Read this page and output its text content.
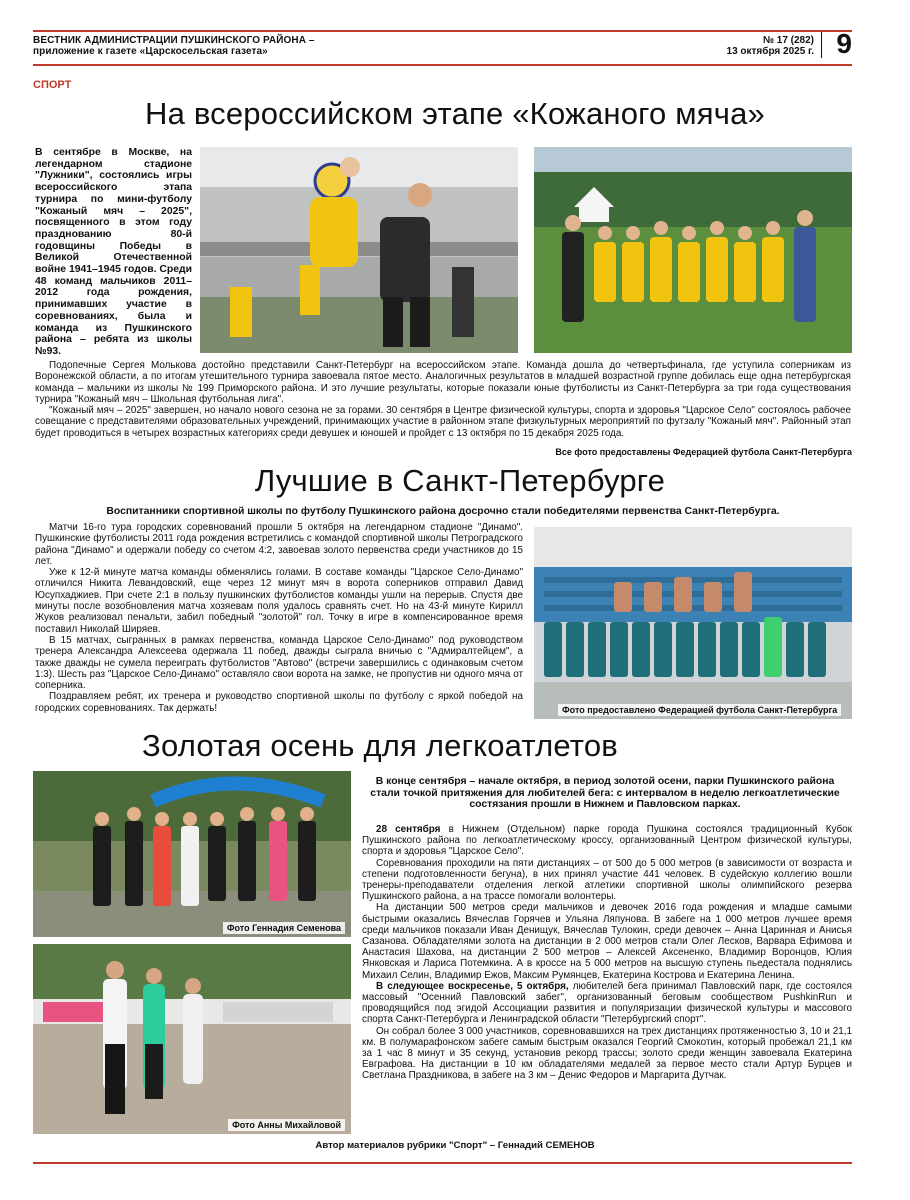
ВЕСТНИК АДМИНИСТРАЦИИ ПУШКИНСКОГО РАЙОНА –
приложение к газете «Царскосельская газета»
№ 17 (282)
13 октября 2025 г. 9
СПОРТ
На всероссийском этапе «Кожаного мяча»
В сентябре в Москве, на легендарном стадионе "Лужники", состоялись игры всероссийского этапа турнира по мини-футболу "Кожаный мяч – 2025", посвященного в этом году празднованию 80-й годовщины Победы в Великой Отечественной войне 1941–1945 годов. Среди 48 команд мальчиков 2011–2012 года рождения, принимавших участие в соревнованиях, была и команда из Пушкинского района – ребята из школы №93.

Подопечные Сергея Молькова достойно представили Санкт-Петербург на всероссийском этапе. Команда дошла до четвертьфинала, где уступила соперникам из Воронежской области, а по итогам утешительного турнира завоевала пятое место. Аналогичных результатов в младшей возрастной группе добилась еще одна петербургская команда – мальчики из школы № 199 Приморского района. И это лучшие результаты, которые показали юные футболисты из Санкт-Петербурга за три года существования турнира "Кожаный мяч – Школьная футбольная лига".

"Кожаный мяч – 2025" завершен, но начало нового сезона не за горами. 30 сентября в Центре физической культуры, спорта и здоровья "Царское Село" состоялось рабочее совещание с представителями образовательных учреждений, принимающих участие в районном этапе физкультурных мероприятий по футзалу "Кожаный мяч". Районный этап будет проводиться в четырех возрастных категориях среди девушек и юношей и пройдет с 13 октября по 15 декабря 2025 года.

Все фото предоставлены Федерацией футбола Санкт-Петербурга
Лучшие в Санкт-Петербурге
Воспитанники спортивной школы по футболу Пушкинского района досрочно стали победителями первенства Санкт-Петербурга.

Матчи 16-го тура городских соревнований прошли 5 октября на легендарном стадионе "Динамо". Пушкинские футболисты 2011 года рождения встретились с командой спортивной школы Петроградского района "Динамо" и одержали победу со счетом 4:2, завоевав золото первенства среди участников до 15 лет.

Уже к 12-й минуте матча команды обменялись голами. В составе команды "Царское Село-Динамо" отличился Никита Левандовский, еще через 12 минут мяч в ворота соперников отправил Давид Юсупхаджиев. При счете 2:1 в пользу пушкинских футболистов команды ушли на перерыв. Спустя две минуты после возобновления матча хозяевам поля удалось сравнять счет. Но на 43-й минуте Кирилл Жуков реализовал пенальти, забил победный "золотой" гол. Точку в игре в компенсированное время поставил Николай Ширяев.

В 15 матчах, сыгранных в рамках первенства, команда Царское Село-Динамо" под руководством тренера Александра Алексеева одержала 11 побед, дважды сыграла вничью с "Адмиралтейцем", а также дважды не сумела переиграть футболистов "Автово" (встречи завершились с одинаковым счетом 1:3). Шесть раз "Царское Село-Динамо" оставляло свои ворота на замке, не пропустив ни одного мяча от соперника.

Поздравляем ребят, их тренера и руководство спортивной школы по футболу с яркой победой на городских соревнованиях. Так держать!	Фото предоставлено Федерацией футбола Санкт-Петербурга
Золотая осень для легкоатлетов
Фото Геннадия Семенова
Фото Анны Михайловой
В конце сентября – начале октября, в период золотой осени, парки Пушкинского района стали точкой притяжения для любителей бега: с интервалом в неделю легкоатлетические состязания прошли в Нижнем и Павловском парках.

28 сентября в Нижнем (Отдельном) парке города Пушкина состоялся традиционный Кубок Пушкинского района по легкоатлетическому кроссу, организованный Центром физической культуры, спорта и здоровья "Царское Село".

Соревнования проходили на пяти дистанциях – от 500 до 5 000 метров (в зависимости от возраста и степени подготовленности бегуна), в них принял участие 441 человек. В судейскую коллегию вошли тренеры-преподаватели отделения легкой атлетики спортивной школы олимпийского резерва Пушкинского района, а на трассе помогали волонтеры.

На дистанции 500 метров среди мальчиков и девочек 2016 года рождения и младше самыми быстрыми оказались Вячеслав Горячев и Ульяна Ляпунова. В забеге на 1 000 метров лучшее время среди мальчиков показали Иван Денищук, Вячеслав Тулокин, среди девочек – Анна Царинная и Анисья Сазанова. Обладателями золота на дистанции в 2 000 метров стали Олег Лесков, Варвара Ефимова и Анастасия Шахова, на дистанции 2 500 метров – Алексей Аксененко, Владимир Воронцов, Юлия Янковская и Лариса Потемкина. А в кроссе на 5 000 метров на высшую ступень пьедестала поднялись Михаил Селин, Владимир Ежов, Максим Румянцев, Екатерина Кострова и Екатерина Ленина.

В следующее воскресенье, 5 октября, любителей бега принимал Павловский парк, где состоялся массовый "Осенний Павловский забег", организованный беговым сообществом PushkinRun и проводящийся под эгидой Ассоциации развития и популяризации физической культуры и массового спорта Санкт-Петербурга и Ленинградской области "Петербургский спорт".

Он собрал более 3 000 участников, соревновавшихся на трех дистанциях протяженностью 3, 10 и 21,1 км. В полумарафонском забеге самым быстрым оказался Георгий Смокотин, который пробежал 21,1 км за 1 час 8 минут и 35 секунд, установив рекорд трассы; золото среди женщин завоевала Екатерина Евграфова. На дистанции в 10 км обладателями медалей за первое место стали Артур Бурцев и Светлана Праздникова, в забеге на 3 км – Денис Федоров и Маргарита Дутчак.

Автор материалов рубрики "Спорт" – Геннадий СЕМЕНОВ
